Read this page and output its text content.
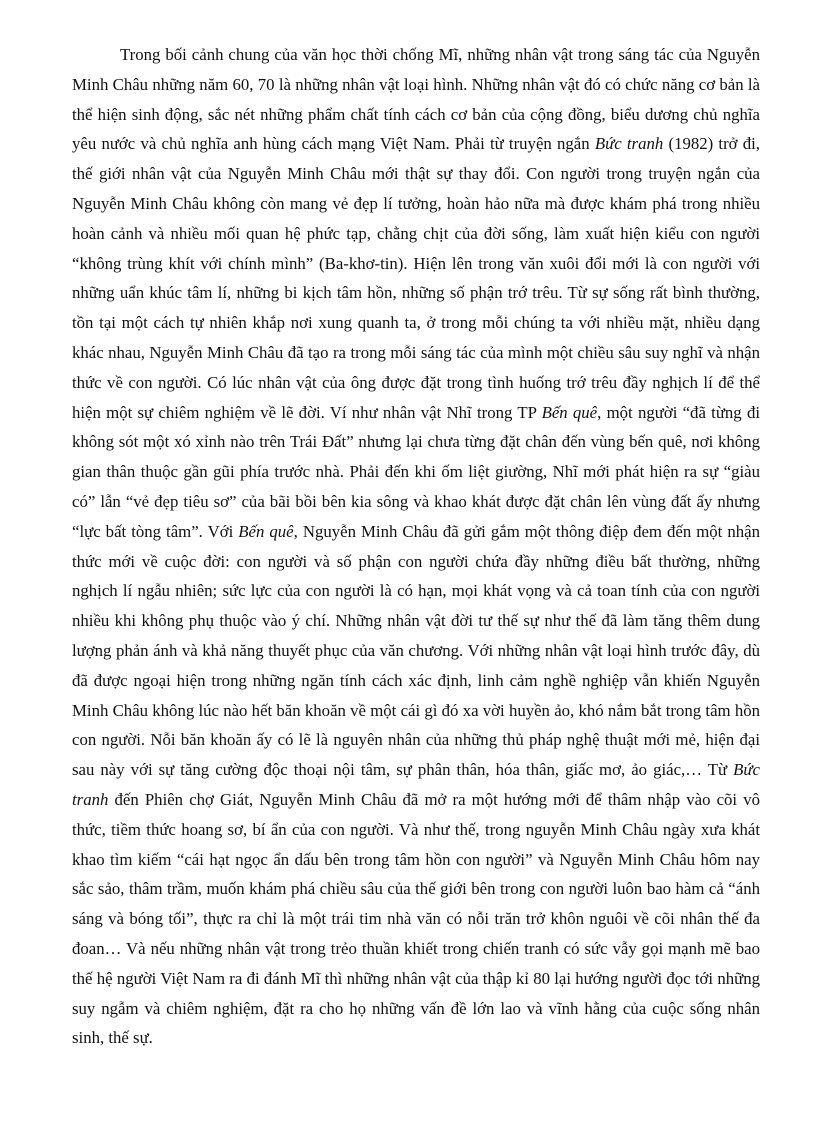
Trong bối cảnh chung của văn học thời chống Mĩ, những nhân vật trong sáng tác của Nguyễn Minh Châu những năm 60, 70 là những nhân vật loại hình. Những nhân vật đó có chức năng cơ bản là thể hiện sinh động, sắc nét những phẩm chất tính cách cơ bản của cộng đồng, biểu dương chủ nghĩa yêu nước và chủ nghĩa anh hùng cách mạng Việt Nam. Phải từ truyện ngắn Bức tranh (1982) trở đi, thế giới nhân vật của Nguyễn Minh Châu mới thật sự thay đổi. Con người trong truyện ngắn của Nguyễn Minh Châu không còn mang vẻ đẹp lí tưởng, hoàn hảo nữa mà được khám phá trong nhiều hoàn cảnh và nhiều mối quan hệ phức tạp, chằng chịt của đời sống, làm xuất hiện kiểu con người “không trùng khít với chính mình” (Ba-khơ-tin). Hiện lên trong văn xuôi đổi mới là con người với những uẩn khúc tâm lí, những bi kịch tâm hồn, những số phận trớ trêu. Từ sự sống rất bình thường, tồn tại một cách tự nhiên khắp nơi xung quanh ta, ở trong mỗi chúng ta với nhiều mặt, nhiều dạng khác nhau, Nguyễn Minh Châu đã tạo ra trong mỗi sáng tác của mình một chiều sâu suy nghĩ và nhận thức về con người. Có lúc nhân vật của ông được đặt trong tình huống trớ trêu đầy nghịch lí để thể hiện một sự chiêm nghiệm về lẽ đời. Ví như nhân vật Nhĩ trong TP Bến quê, một người “đã từng đi không sót một xó xỉnh nào trên Trái Đất” nhưng lại chưa từng đặt chân đến vùng bến quê, nơi không gian thân thuộc gần gũi phía trước nhà. Phải đến khi ốm liệt giường, Nhĩ mới phát hiện ra sự “giàu có” lẫn “vẻ đẹp tiêu sơ” của bãi bồi bên kia sông và khao khát được đặt chân lên vùng đất ấy nhưng “lực bất tòng tâm”. Với Bến quê, Nguyễn Minh Châu đã gửi gắm một thông điệp đem đến một nhận thức mới về cuộc đời: con người và số phận con người chứa đầy những điều bất thường, những nghịch lí ngẫu nhiên; sức lực của con người là có hạn, mọi khát vọng và cả toan tính của con người nhiều khi không phụ thuộc vào ý chí. Những nhân vật đời tư thế sự như thế đã làm tăng thêm dung lượng phản ánh và khả năng thuyết phục của văn chương. Với những nhân vật loại hình trước đây, dù đã được ngoại hiện trong những ngăn tính cách xác định, linh cảm nghề nghiệp vẫn khiến Nguyễn Minh Châu không lúc nào hết băn khoăn về một cái gì đó xa vời huyền ảo, khó nắm bắt trong tâm hồn con người. Nỗi băn khoăn ấy có lẽ là nguyên nhân của những thủ pháp nghệ thuật mới mẻ, hiện đại sau này với sự tăng cường độc thoại nội tâm, sự phân thân, hóa thân, giấc mơ, ảo giác,… Từ Bức tranh đến Phiên chợ Giát, Nguyễn Minh Châu đã mở ra một hướng mới để thâm nhập vào cõi vô thức, tiềm thức hoang sơ, bí ẩn của con người. Và như thế, trong nguyễn Minh Châu ngày xưa khát khao tìm kiếm “cái hạt ngọc ẩn dấu bên trong tâm hồn con người” và Nguyễn Minh Châu hôm nay sắc sảo, thâm trầm, muốn khám phá chiều sâu của thế giới bên trong con người luôn bao hàm cả “ánh sáng và bóng tối”, thực ra chỉ là một trái tim nhà văn có nỗi trăn trở khôn nguôi về cõi nhân thế đa đoan… Và nếu những nhân vật trong trẻo thuần khiết trong chiến tranh có sức vẫy gọi mạnh mẽ bao thế hệ người Việt Nam ra đi đánh Mĩ thì những nhân vật của thập kỉ 80 lại hướng người đọc tới những suy ngẫm và chiêm nghiệm, đặt ra cho họ những vấn đề lớn lao và vĩnh hằng của cuộc sống nhân sinh, thế sự.
